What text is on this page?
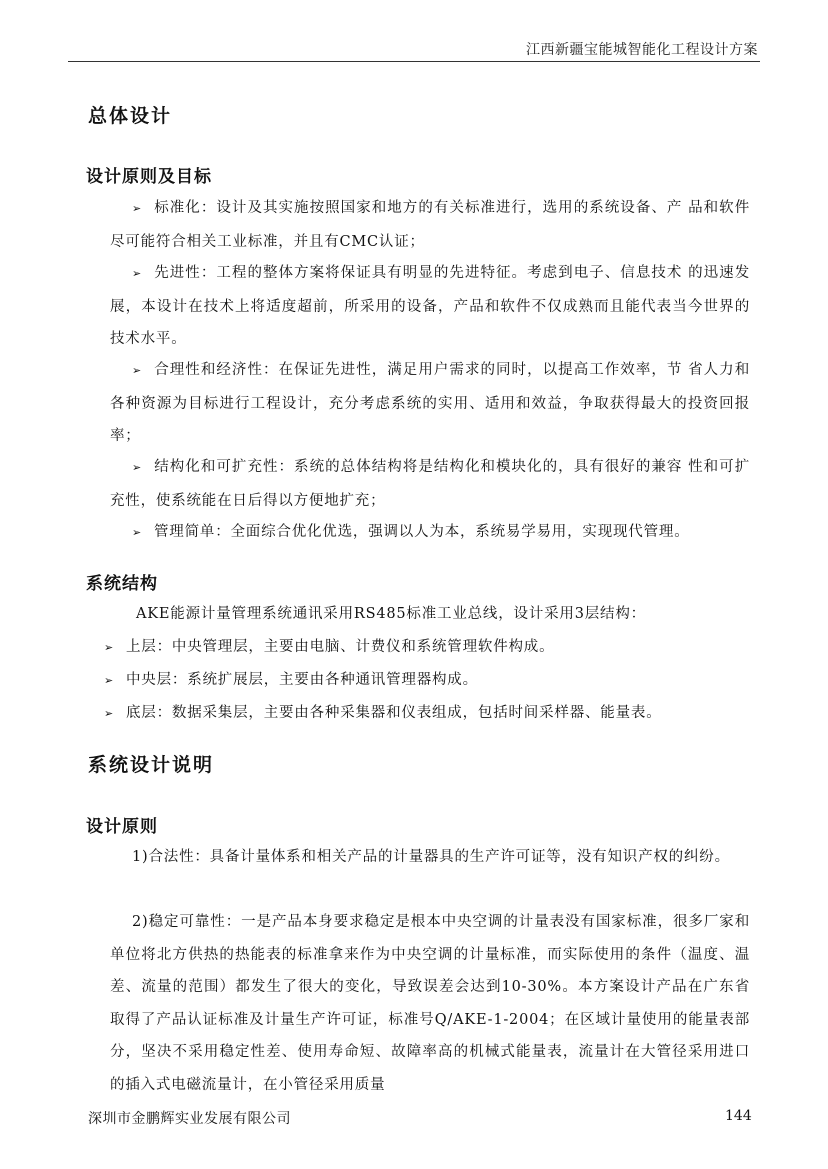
江西新疆宝能城智能化工程设计方案
总体设计
设计原则及目标
➢ 标准化：设计及其实施按照国家和地方的有关标准进行，选用的系统设备、产 品和软件尽可能符合相关工业标准，并且有CMC认证；
➢ 先进性：工程的整体方案将保证具有明显的先进特征。考虑到电子、信息技术 的迅速发展，本设计在技术上将适度超前，所采用的设备，产品和软件不仅成熟而且能代表当今世界的技术水平。
➢ 合理性和经济性：在保证先进性，满足用户需求的同时，以提高工作效率，节 省人力和各种资源为目标进行工程设计，充分考虑系统的实用、适用和效益，争取获得最大的投资回报率；
➢ 结构化和可扩充性：系统的总体结构将是结构化和模块化的，具有很好的兼容 性和可扩充性，使系统能在日后得以方便地扩充；
➢ 管理简单：全面综合优化优选，强调以人为本，系统易学易用，实现现代管理。
系统结构
AKE能源计量管理系统通讯采用RS485标准工业总线，设计采用3层结构：
➢ 上层：中央管理层，主要由电脑、计费仪和系统管理软件构成。
➢ 中央层：系统扩展层，主要由各种通讯管理器构成。
➢ 底层：数据采集层，主要由各种采集器和仪表组成，包括时间采样器、能量表。
系统设计说明
设计原则
1)合法性：具备计量体系和相关产品的计量器具的生产许可证等，没有知识产权的纠纷。
2)稳定可靠性：一是产品本身要求稳定是根本中央空调的计量表没有国家标准，很多厂家和单位将北方供热的热能表的标准拿来作为中央空调的计量标准，而实际使用的条件（温度、温差、流量的范围）都发生了很大的变化，导致误差会达到10-30%。本方案设计产品在广东省取得了产品认证标准及计量生产许可证，标准号Q/AKE-1-2004；在区域计量使用的能量表部分，坚决不采用稳定性差、使用寿命短、故障率高的机械式能量表，流量计在大管径采用进口的插入式电磁流量计，在小管径采用质量
深圳市金鹏辉实业发展有限公司	144
